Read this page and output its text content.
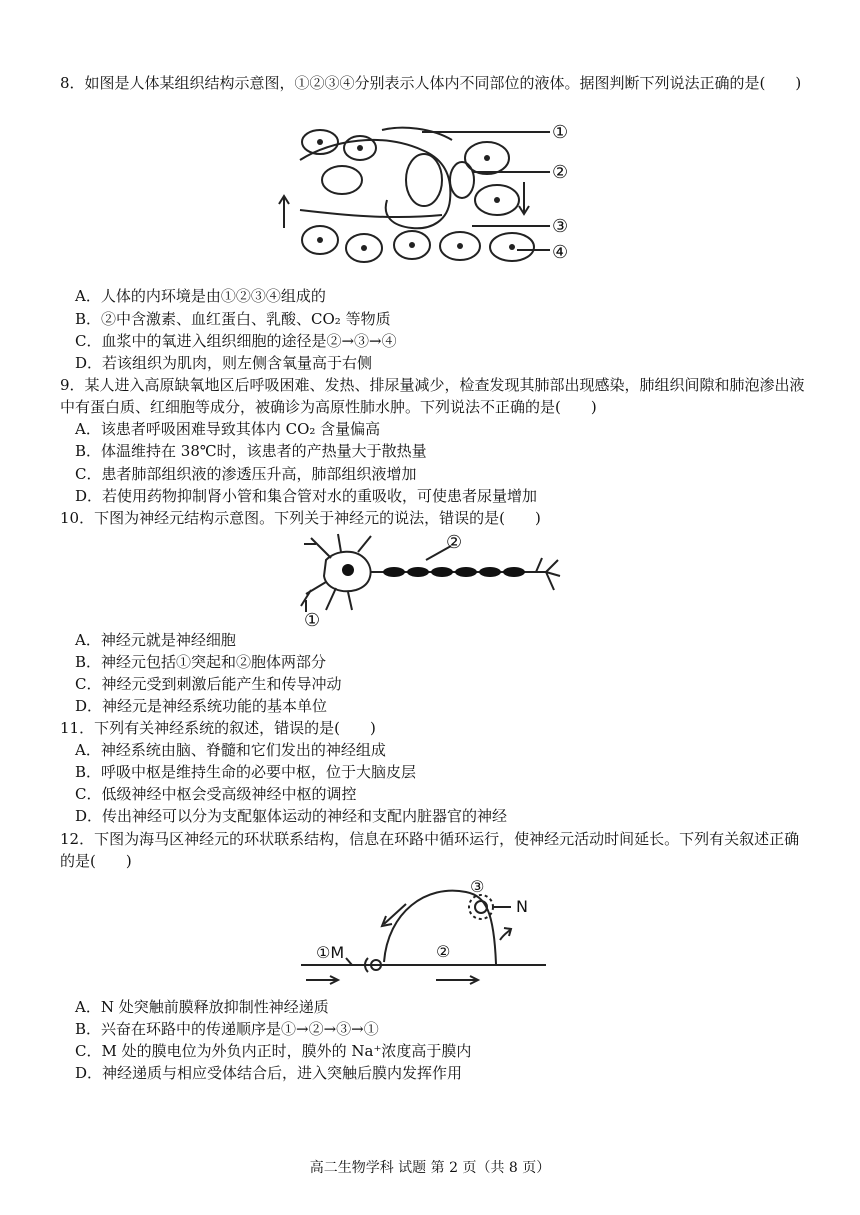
8．如图是人体某组织结构示意图，①②③④分别表示人体内不同部位的液体。据图判断下列说法正确的是(　　)
①
②
③
④
A．人体的内环境是由①②③④组成的
B．②中含激素、血红蛋白、乳酸、CO₂ 等物质
C．血浆中的氧进入组织细胞的途径是②→③→④
D．若该组织为肌肉，则左侧含氧量高于右侧
9．某人进入高原缺氧地区后呼吸困难、发热、排尿量减少，检查发现其肺部出现感染，肺组织间隙和肺泡渗出液中有蛋白质、红细胞等成分，被确诊为高原性肺水肿。下列说法不正确的是(　　)
A．该患者呼吸困难导致其体内 CO₂ 含量偏高
B．体温维持在 38℃时，该患者的产热量大于散热量
C．患者肺部组织液的渗透压升高，肺部组织液增加
D．若使用药物抑制肾小管和集合管对水的重吸收，可使患者尿量增加
10．下图为神经元结构示意图。下列关于神经元的说法，错误的是(　　)
②
①
A．神经元就是神经细胞
B．神经元包括①突起和②胞体两部分
C．神经元受到刺激后能产生和传导冲动
D．神经元是神经系统功能的基本单位
11．下列有关神经系统的叙述，错误的是(　　)
A．神经系统由脑、脊髓和它们发出的神经组成
B．呼吸中枢是维持生命的必要中枢，位于大脑皮层
C．低级神经中枢会受高级神经中枢的调控
D．传出神经可以分为支配躯体运动的神经和支配内脏器官的神经
12．下图为海马区神经元的环状联系结构，信息在环路中循环运行，使神经元活动时间延长。下列有关叙述正确的是(　　)
①M	②
③
N
A．N 处突触前膜释放抑制性神经递质
B．兴奋在环路中的传递顺序是①→②→③→①
C．M 处的膜电位为外负内正时，膜外的 Na⁺浓度高于膜内
D．神经递质与相应受体结合后，进入突触后膜内发挥作用
高二生物学科 试题 第 2 页（共 8 页）
